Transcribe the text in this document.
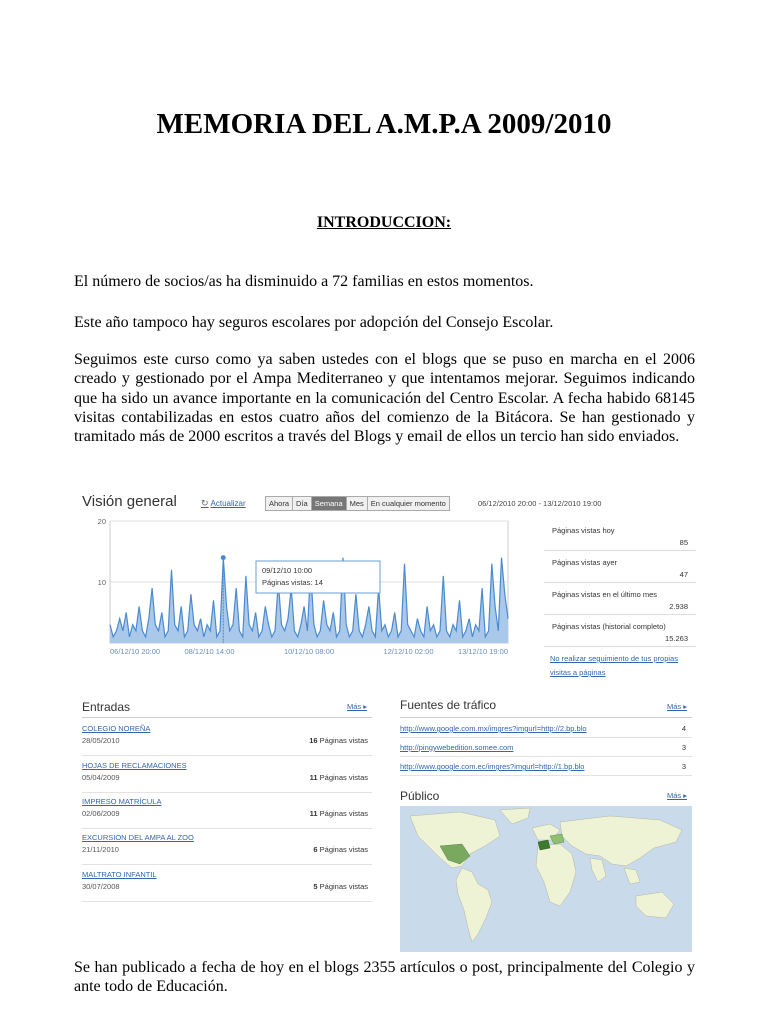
MEMORIA DEL A.M.P.A 2009/2010
INTRODUCCION:

El número de socios/as ha disminuido a 72 familias en estos momentos.

Este año tampoco hay seguros escolares por adopción del Consejo Escolar.

Seguimos este curso como ya saben ustedes con el blogs que se puso en marcha en el 2006 creado y gestionado por el Ampa Mediterraneo y que intentamos mejorar. Seguimos indicando que ha sido un avance importante en la comunicación del Centro Escolar. A fecha habido 68145 visitas contabilizadas en estos cuatro años del comienzo de la Bitácora. Se han gestionado y tramitado más de 2000 escritos a través del Blogs y email de ellos un tercio han sido enviados.

Visión general	↻ Actualizar	Ahora Día Semana Mes En cualquier momento	06/12/2010 20:00 - 13/12/2010 19:00
10
20
06/12/10 20:00	08/12/10 14:00	10/12/10 08:00	12/12/10 02:00	13/12/10 19:00
09/12/10 10:00
Páginas vistas: 14
Páginas vistas hoy
85
Páginas vistas ayer
47
Páginas vistas en el último mes
2.938
Páginas vistas (historial completo)
15.263
No realizar seguimiento de tus propias visitas a páginas
Entradas	Más ▸
COLEGIO NOREÑA
28/05/2010	16 Páginas vistas
HOJAS DE RECLAMACIONES
05/04/2009	11 Páginas vistas
IMPRESO MATRÍCULA
02/06/2009	11 Páginas vistas
EXCURSION DEL AMPA AL ZOO
21/11/2010	6 Páginas vistas
MALTRATO INFANTIL
30/07/2008	5 Páginas vistas
Fuentes de tráfico	Más ▸
http://www.google.com.mx/imgres?imgurl=http://2.bp.blo	4
http://pingywebedition.somee.com	3
http://www.google.com.ec/imgres?imgurl=http://1.bp.blo	3
Público	Más ▸

Se han publicado a fecha de hoy en el blogs 2355 artículos o post, principalmente del Colegio y ante todo de Educación.
